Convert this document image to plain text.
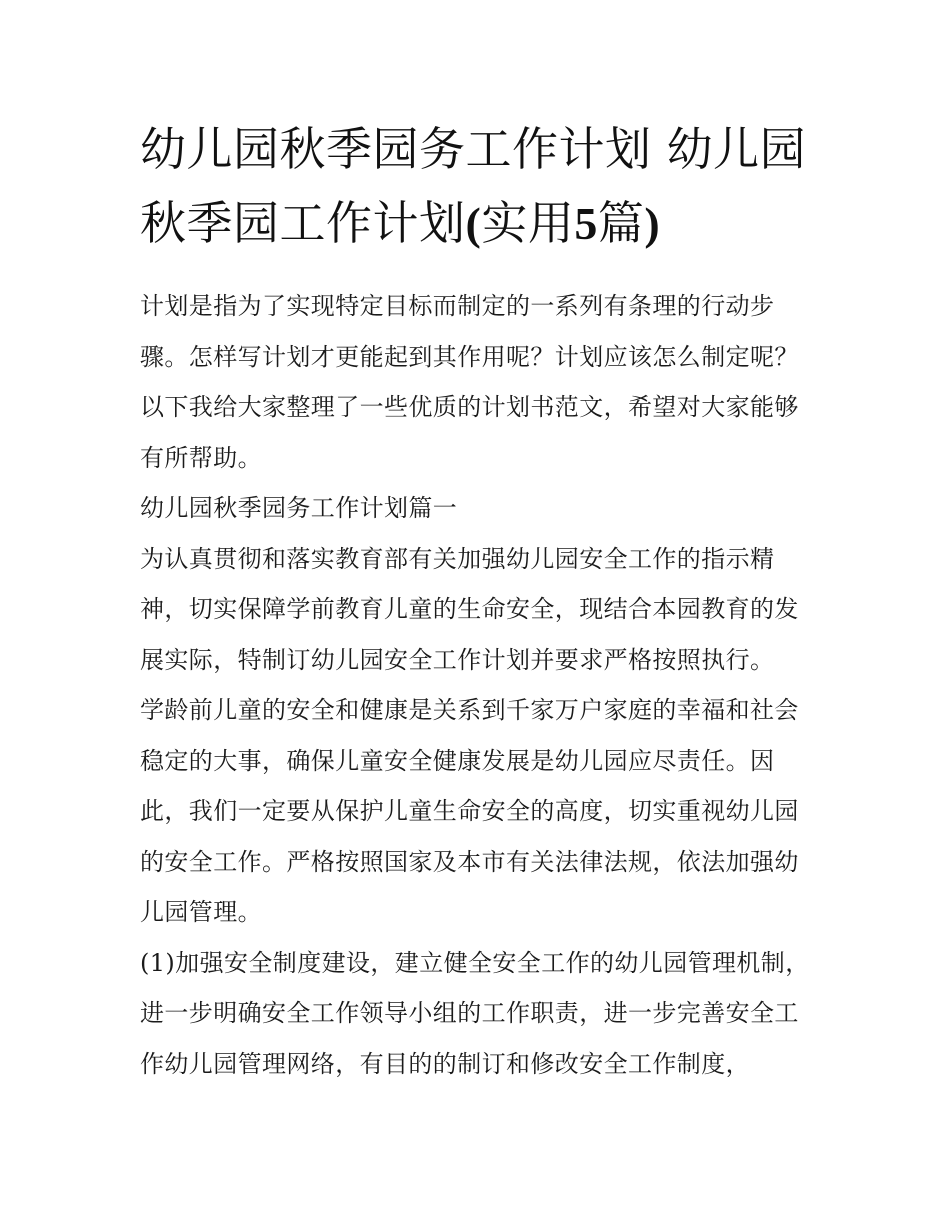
幼儿园秋季园务工作计划 幼儿园秋季园工作计划(实用5篇)

计划是指为了实现特定目标而制定的一系列有条理的行动步骤。怎样写计划才更能起到其作用呢？计划应该怎么制定呢？以下我给大家整理了一些优质的计划书范文，希望对大家能够有所帮助。

幼儿园秋季园务工作计划篇一

为认真贯彻和落实教育部有关加强幼儿园安全工作的指示精神，切实保障学前教育儿童的生命安全，现结合本园教育的发展实际，特制订幼儿园安全工作计划并要求严格按照执行。

学龄前儿童的安全和健康是关系到千家万户家庭的幸福和社会稳定的大事，确保儿童安全健康发展是幼儿园应尽责任。因此，我们一定要从保护儿童生命安全的高度，切实重视幼儿园的安全工作。严格按照国家及本市有关法律法规，依法加强幼儿园管理。

(1)加强安全制度建设，建立健全安全工作的幼儿园管理机制，进一步明确安全工作领导小组的工作职责，进一步完善安全工作幼儿园管理网络，有目的的制订和修改安全工作制度，
